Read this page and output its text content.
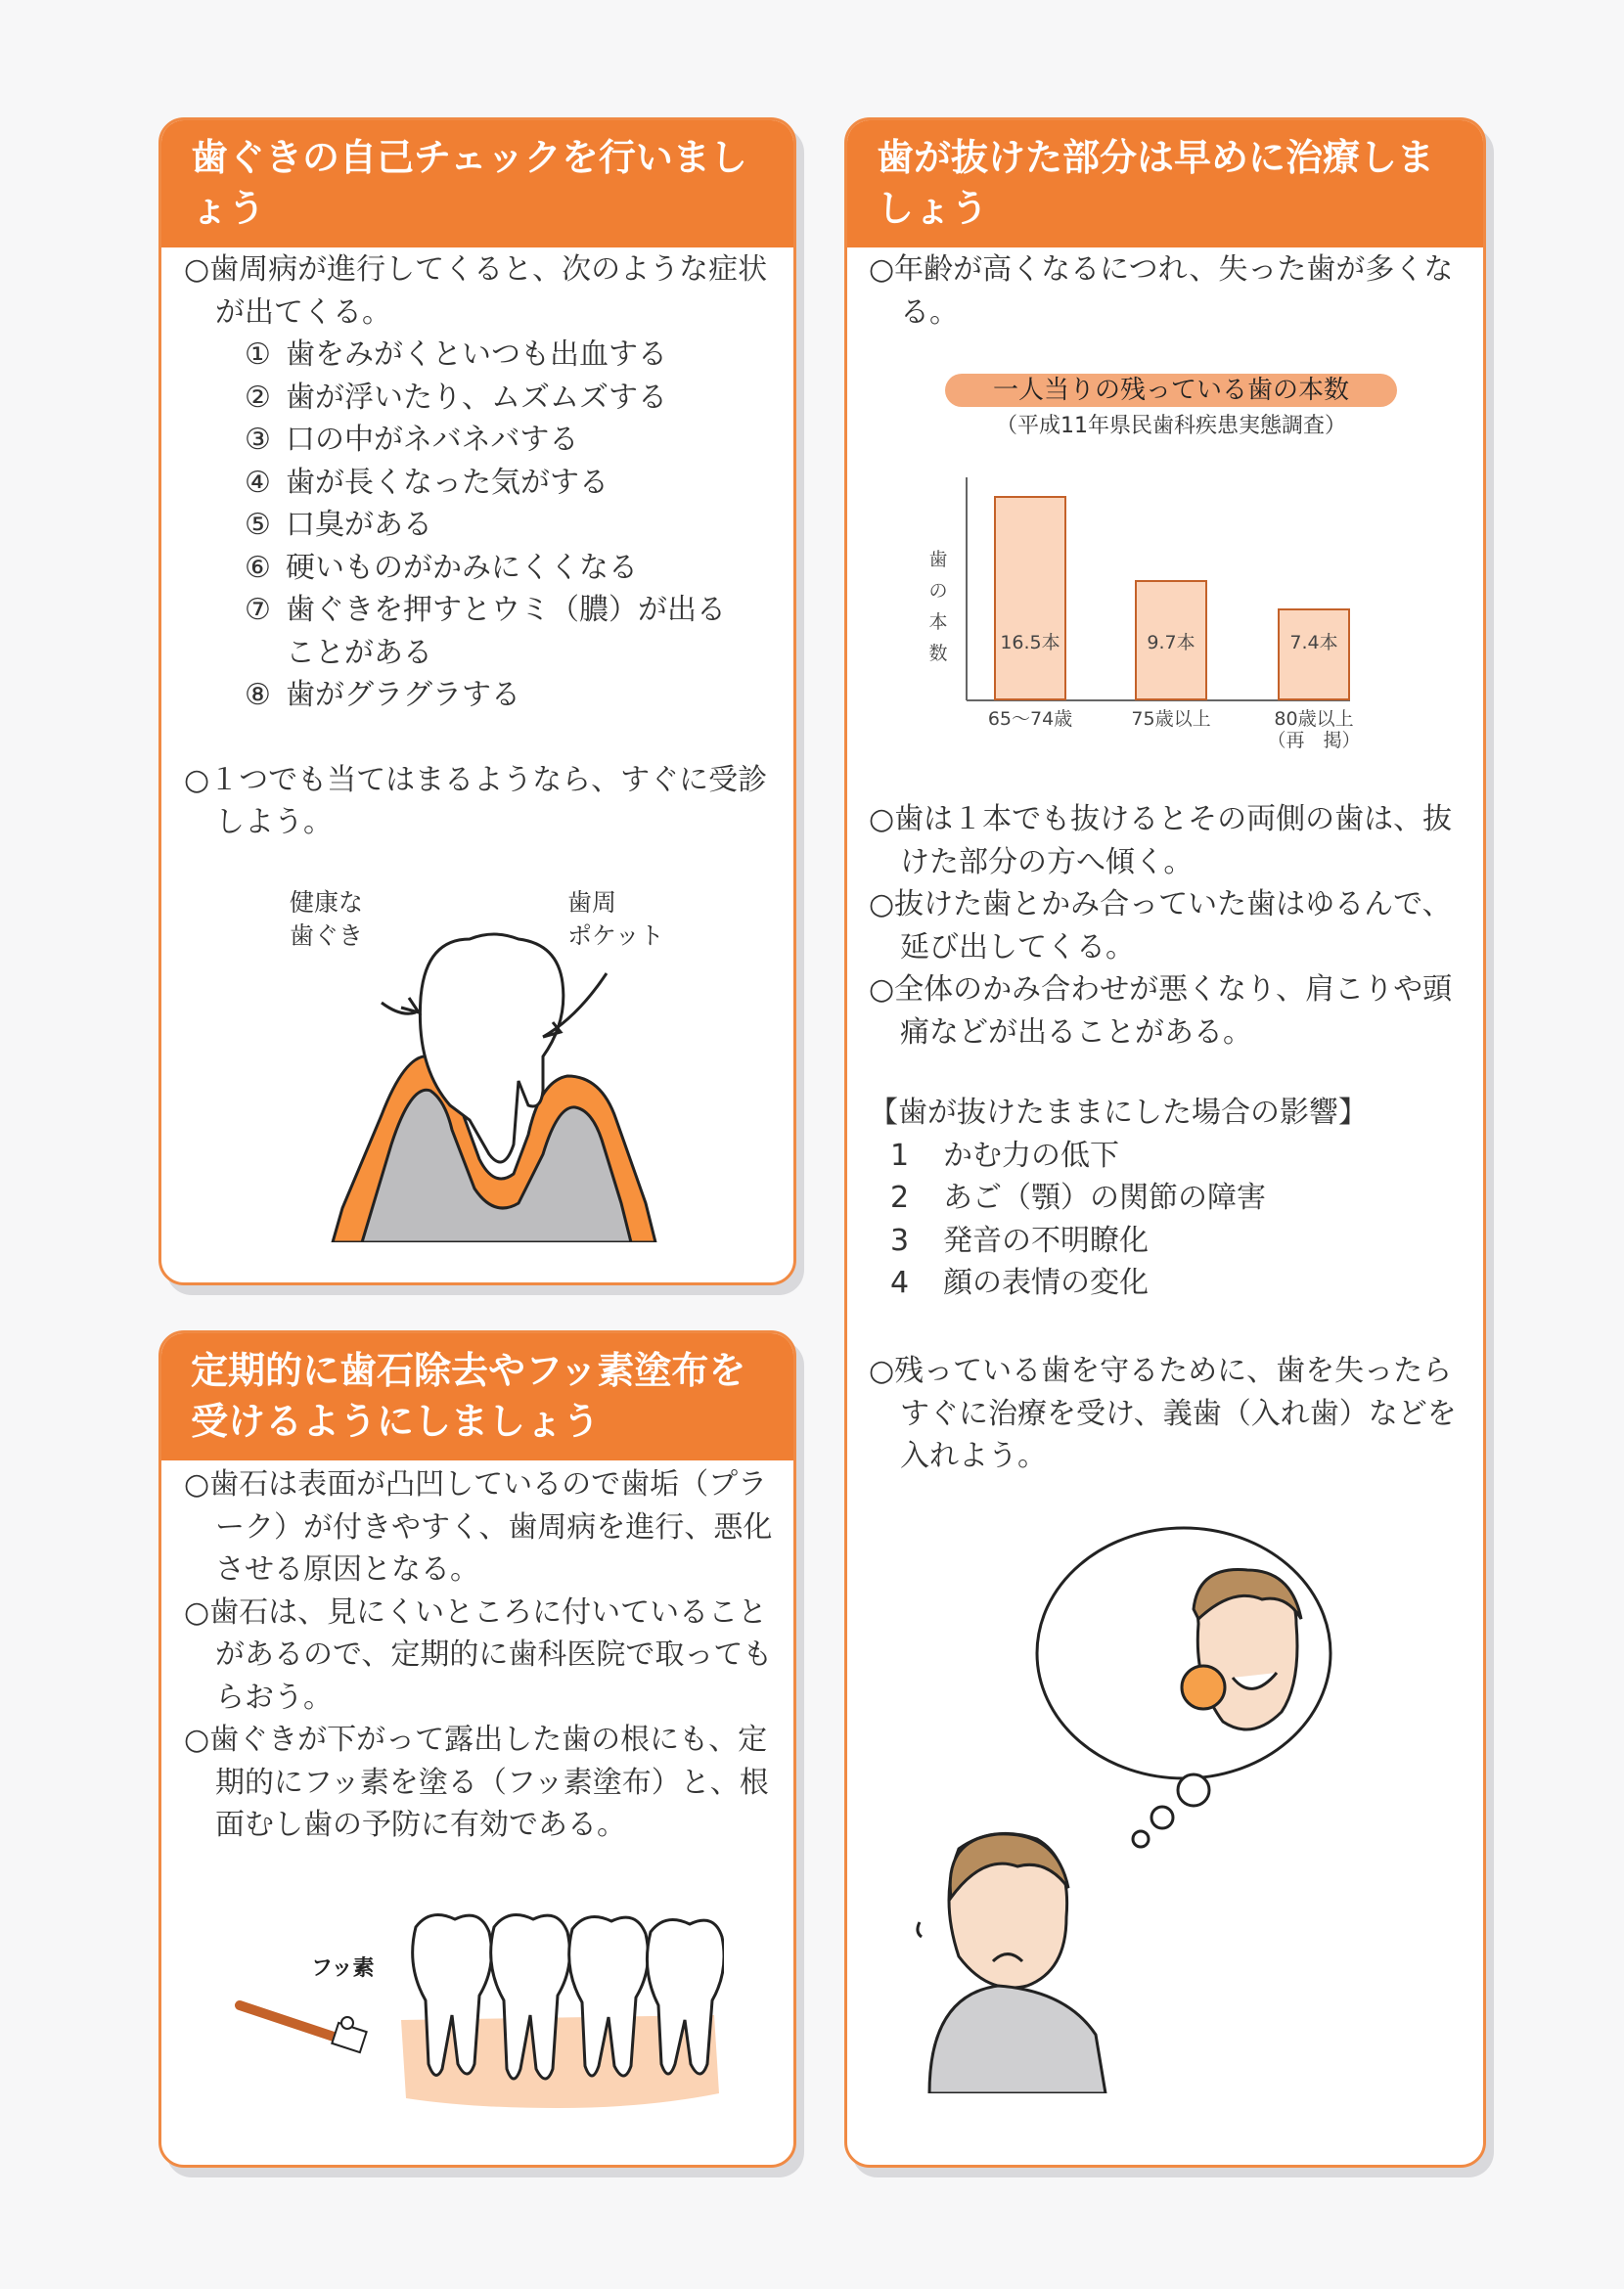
歯ぐきの自己チェックを行いましょう

○歯周病が進行してくると、次のような症状が出てくる。

① 歯をみがくといつも出血する
② 歯が浮いたり、ムズムズする
③ 口の中がネバネバする
④ 歯が長くなった気がする
⑤ 口臭がある
⑥ 硬いものがかみにくくなる
⑦ 歯ぐきを押すとウミ（膿）が出ることがある
⑧ 歯がグラグラする

○１つでも当てはまるようなら、すぐに受診しよう。

健康な
歯ぐき
歯周
ポケット
定期的に歯石除去やフッ素塗布を受けるようにしましょう

○歯石は表面が凸凹しているので歯垢（プラーク）が付きやすく、歯周病を進行、悪化させる原因となる。

○歯石は、見にくいところに付いていることがあるので、定期的に歯科医院で取ってもらおう。

○歯ぐきが下がって露出した歯の根にも、定期的にフッ素を塗る（フッ素塗布）と、根面むし歯の予防に有効である。

フッ素
歯が抜けた部分は早めに治療しましょう

○年齢が高くなるにつれ、失った歯が多くなる。

一人当りの残っている歯の本数
（平成11年県民歯科疾患実態調査）
歯
の
本
数	16.5本
65〜74歳
9.7本
75歳以上
7.4本
80歳以上
（再　掲）

○歯は１本でも抜けるとその両側の歯は、抜けた部分の方へ傾く。

○抜けた歯とかみ合っていた歯はゆるんで、延び出してくる。

○全体のかみ合わせが悪くなり、肩こりや頭痛などが出ることがある。

【歯が抜けたままにした場合の影響】
1	かむ力の低下
2	あご（顎）の関節の障害
3	発音の不明瞭化
4	顔の表情の変化

○残っている歯を守るために、歯を失ったらすぐに治療を受け、義歯（入れ歯）などを入れよう。
